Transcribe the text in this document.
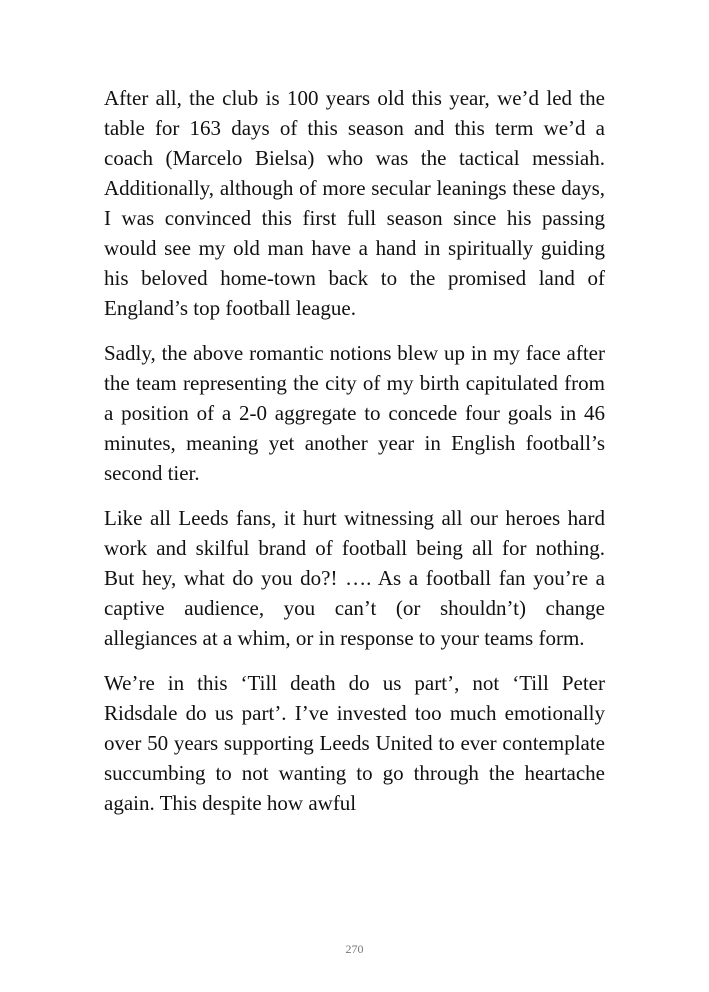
After all, the club is 100 years old this year, we’d led the table for 163 days of this season and this term we’d a coach (Marcelo Bielsa) who was the tactical messiah. Additionally, although of more secular leanings these days, I was convinced this first full season since his passing would see my old man have a hand in spiritually guiding his beloved home-town back to the promised land of England’s top football league.

Sadly, the above romantic notions blew up in my face after the team representing the city of my birth capitulated from a position of a 2-0 aggregate to concede four goals in 46 minutes, meaning yet another year in English football’s second tier.

Like all Leeds fans, it hurt witnessing all our heroes hard work and skilful brand of football being all for nothing. But hey, what do you do?! …. As a football fan you’re a captive audience, you can’t (or shouldn’t) change allegiances at a whim, or in response to your teams form.

We’re in this ‘Till death do us part’, not ‘Till Peter Ridsdale do us part’. I’ve invested too much emotionally over 50 years supporting Leeds United to ever contemplate succumbing to not wanting to go through the heartache again. This despite how awful

270
